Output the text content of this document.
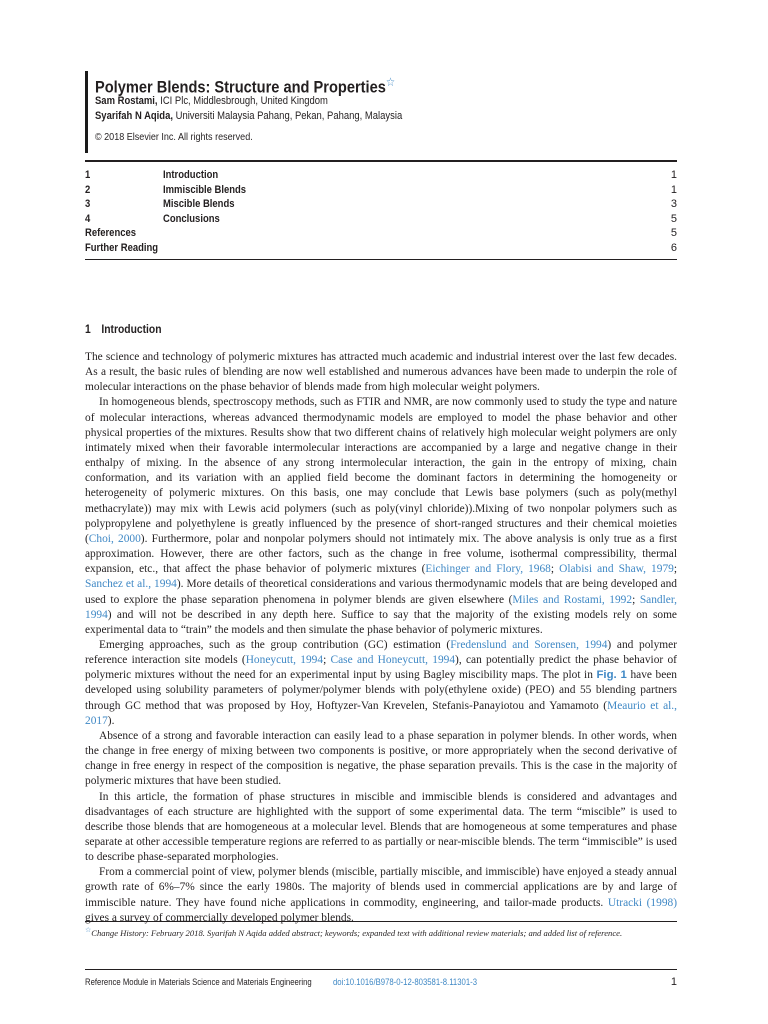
Polymer Blends: Structure and Properties☆
Sam Rostami, ICI Plc, Middlesbrough, United Kingdom
Syarifah N Aqida, Universiti Malaysia Pahang, Pekan, Pahang, Malaysia
© 2018 Elsevier Inc. All rights reserved.
1	Introduction	1
2	Immiscible Blends	1
3	Miscible Blends	3
4	Conclusions	5
References	5
Further Reading	6
1 Introduction

The science and technology of polymeric mixtures has attracted much academic and industrial interest over the last few decades. As a result, the basic rules of blending are now well established and numerous advances have been made to underpin the role of molecular interactions on the phase behavior of blends made from high molecular weight polymers.

In homogeneous blends, spectroscopy methods, such as FTIR and NMR, are now commonly used to study the type and nature of molecular interactions, whereas advanced thermodynamic models are employed to model the phase behavior and other physical properties of the mixtures. Results show that two different chains of relatively high molecular weight polymers are only intimately mixed when their favorable intermolecular interactions are accompanied by a large and negative change in their enthalpy of mixing. In the absence of any strong intermolecular interaction, the gain in the entropy of mixing, chain conformation, and its variation with an applied field become the dominant factors in determining the homogeneity or heterogeneity of polymeric mixtures. On this basis, one may conclude that Lewis base polymers (such as poly(methyl methacrylate)) may mix with Lewis acid polymers (such as poly(vinyl chloride)).Mixing of two nonpolar polymers such as polypropylene and polyethylene is greatly influenced by the presence of short-ranged structures and their chemical moieties (Choi, 2000). Furthermore, polar and nonpolar polymers should not intimately mix. The above analysis is only true as a first approximation. However, there are other factors, such as the change in free volume, isothermal compressibility, thermal expansion, etc., that affect the phase behavior of polymeric mixtures (Eichinger and Flory, 1968; Olabisi and Shaw, 1979; Sanchez et al., 1994). More details of theoretical considerations and various thermodynamic models that are being developed and used to explore the phase separation phenomena in polymer blends are given elsewhere (Miles and Rostami, 1992; Sandler, 1994) and will not be described in any depth here. Suffice to say that the majority of the existing models rely on some experimental data to “train” the models and then simulate the phase behavior of polymeric mixtures.

Emerging approaches, such as the group contribution (GC) estimation (Fredenslund and Sorensen, 1994) and polymer reference interaction site models (Honeycutt, 1994; Case and Honeycutt, 1994), can potentially predict the phase behavior of polymeric mixtures without the need for an experimental input by using Bagley miscibility maps. The plot in Fig. 1 have been developed using solubility parameters of polymer/polymer blends with poly(ethylene oxide) (PEO) and 55 blending partners through GC method that was proposed by Hoy, Hoftyzer-Van Krevelen, Stefanis-Panayiotou and Yamamoto (Meaurio et al., 2017).

Absence of a strong and favorable interaction can easily lead to a phase separation in polymer blends. In other words, when the change in free energy of mixing between two components is positive, or more appropriately when the second derivative of change in free energy in respect of the composition is negative, the phase separation prevails. This is the case in the majority of polymeric mixtures that have been studied.

In this article, the formation of phase structures in miscible and immiscible blends is considered and advantages and disadvantages of each structure are highlighted with the support of some experimental data. The term “miscible” is used to describe those blends that are homogeneous at a molecular level. Blends that are homogeneous at some temperatures and phase separate at other accessible temperature regions are referred to as partially or near-miscible blends. The term “immiscible” is used to describe phase-separated morphologies.

From a commercial point of view, polymer blends (miscible, partially miscible, and immiscible) have enjoyed a steady annual growth rate of 6%–7% since the early 1980s. The majority of blends used in commercial applications are by and large of immiscible nature. They have found niche applications in commodity, engineering, and tailor-made products. Utracki (1998) gives a survey of commercially developed polymer blends.

☆Change History: February 2018. Syarifah N Aqida added abstract; keywords; expanded text with additional review materials; and added list of reference.
Reference Module in Materials Science and Materials Engineering doi:10.1016/B978-0-12-803581-8.11301-3	1
